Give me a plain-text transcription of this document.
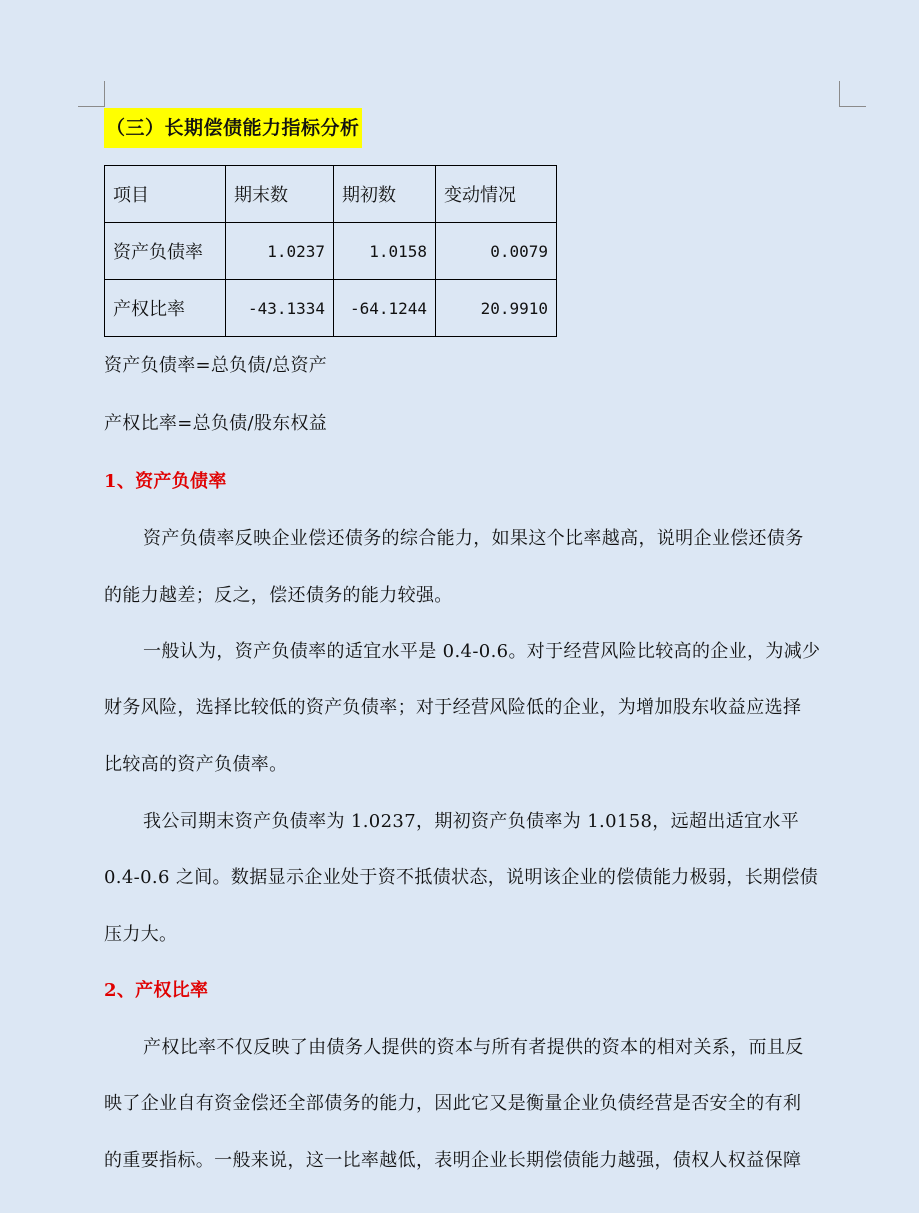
（三）长期偿债能力指标分析
项目	期末数	期初数	变动情况
资产负债率	1.0237	1.0158	0.0079
产权比率	-43.1334	-64.1244	20.9910
资产负债率=总负债/总资产
产权比率=总负债/股东权益
1、资产负债率
资产负债率反映企业偿还债务的综合能力，如果这个比率越高，说明企业偿还债务
的能力越差；反之，偿还债务的能力较强。
一般认为，资产负债率的适宜水平是 0.4-0.6。对于经营风险比较高的企业，为减少
财务风险，选择比较低的资产负债率；对于经营风险低的企业，为增加股东收益应选择
比较高的资产负债率。
我公司期末资产负债率为 1.0237，期初资产负债率为 1.0158，远超出适宜水平
0.4-0.6 之间。数据显示企业处于资不抵债状态，说明该企业的偿债能力极弱，长期偿债
压力大。
2、产权比率
产权比率不仅反映了由债务人提供的资本与所有者提供的资本的相对关系，而且反
映了企业自有资金偿还全部债务的能力，因此它又是衡量企业负债经营是否安全的有利
的重要指标。一般来说，这一比率越低，表明企业长期偿债能力越强，债权人权益保障
